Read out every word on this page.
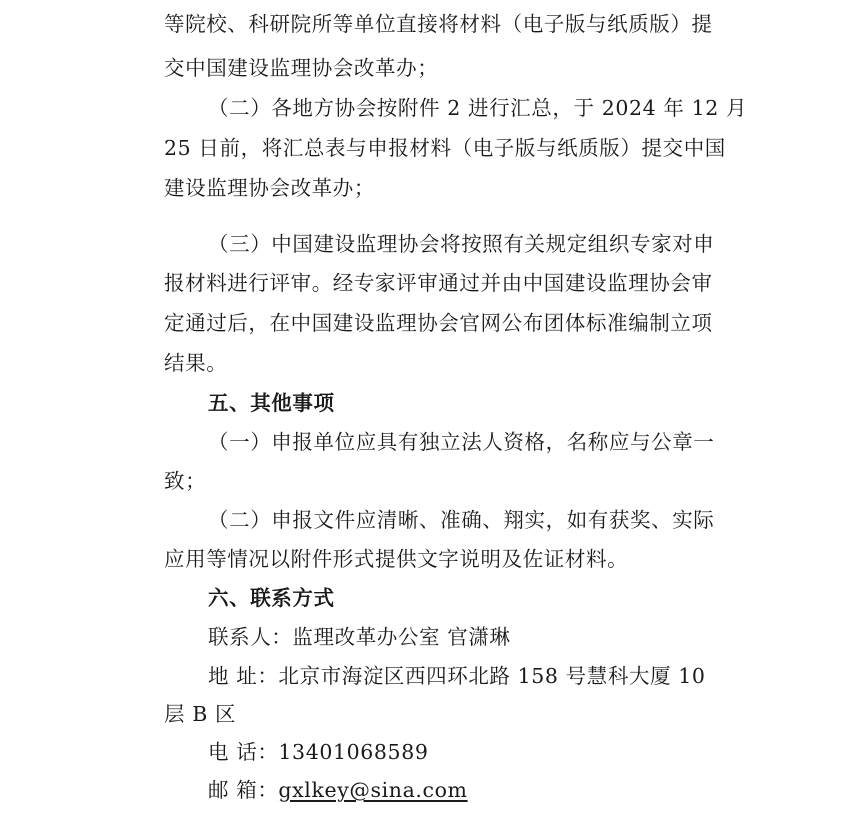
等院校、科研院所等单位直接将材料（电子版与纸质版）提
交中国建设监理协会改革办；
（二）各地方协会按附件 2 进行汇总，于 2024 年 12 月
25 日前，将汇总表与申报材料（电子版与纸质版）提交中国
建设监理协会改革办；
（三）中国建设监理协会将按照有关规定组织专家对申
报材料进行评审。经专家评审通过并由中国建设监理协会审
定通过后，在中国建设监理协会官网公布团体标准编制立项
结果。
五、其他事项
（一）申报单位应具有独立法人资格，名称应与公章一
致；
（二）申报文件应清晰、准确、翔实，如有获奖、实际
应用等情况以附件形式提供文字说明及佐证材料。
六、联系方式
联系人：监理改革办公室 官潇琳
地 址：北京市海淀区西四环北路 158 号慧科大厦 10
层 B 区
电 话：13401068589
邮 箱：gxlkey@sina.com
